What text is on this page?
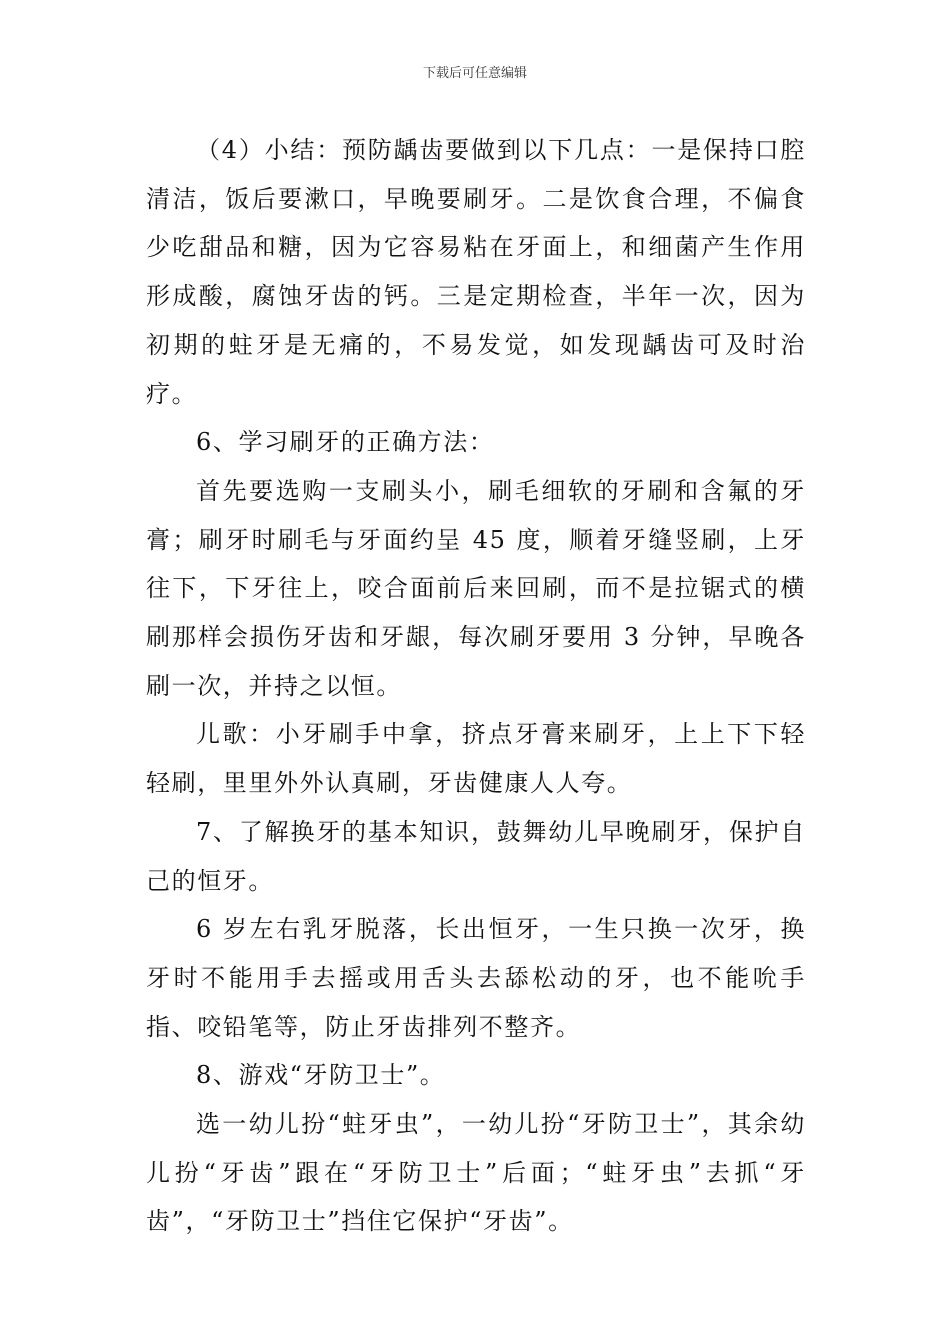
下载后可任意编辑

（4）小结：预防龋齿要做到以下几点：一是保持口腔清洁，饭后要漱口，早晚要刷牙。二是饮食合理，不偏食少吃甜品和糖，因为它容易粘在牙面上，和细菌产生作用形成酸，腐蚀牙齿的钙。三是定期检查，半年一次，因为初期的蛀牙是无痛的，不易发觉，如发现龋齿可及时治疗。

6、学习刷牙的正确方法：

首先要选购一支刷头小，刷毛细软的牙刷和含氟的牙膏；刷牙时刷毛与牙面约呈 45 度，顺着牙缝竖刷，上牙往下，下牙往上，咬合面前后来回刷，而不是拉锯式的横刷那样会损伤牙齿和牙龈，每次刷牙要用 3 分钟，早晚各刷一次，并持之以恒。

儿歌：小牙刷手中拿，挤点牙膏来刷牙，上上下下轻轻刷，里里外外认真刷，牙齿健康人人夸。

7、了解换牙的基本知识，鼓舞幼儿早晚刷牙，保护自己的恒牙。

6 岁左右乳牙脱落，长出恒牙，一生只换一次牙，换牙时不能用手去摇或用舌头去舔松动的牙，也不能吮手指、咬铅笔等，防止牙齿排列不整齐。

8、游戏“牙防卫士”。

选一幼儿扮“蛀牙虫”，一幼儿扮“牙防卫士”，其余幼儿扮“牙齿”跟在“牙防卫士”后面；“蛀牙虫”去抓“牙齿”，“牙防卫士”挡住它保护“牙齿”。
